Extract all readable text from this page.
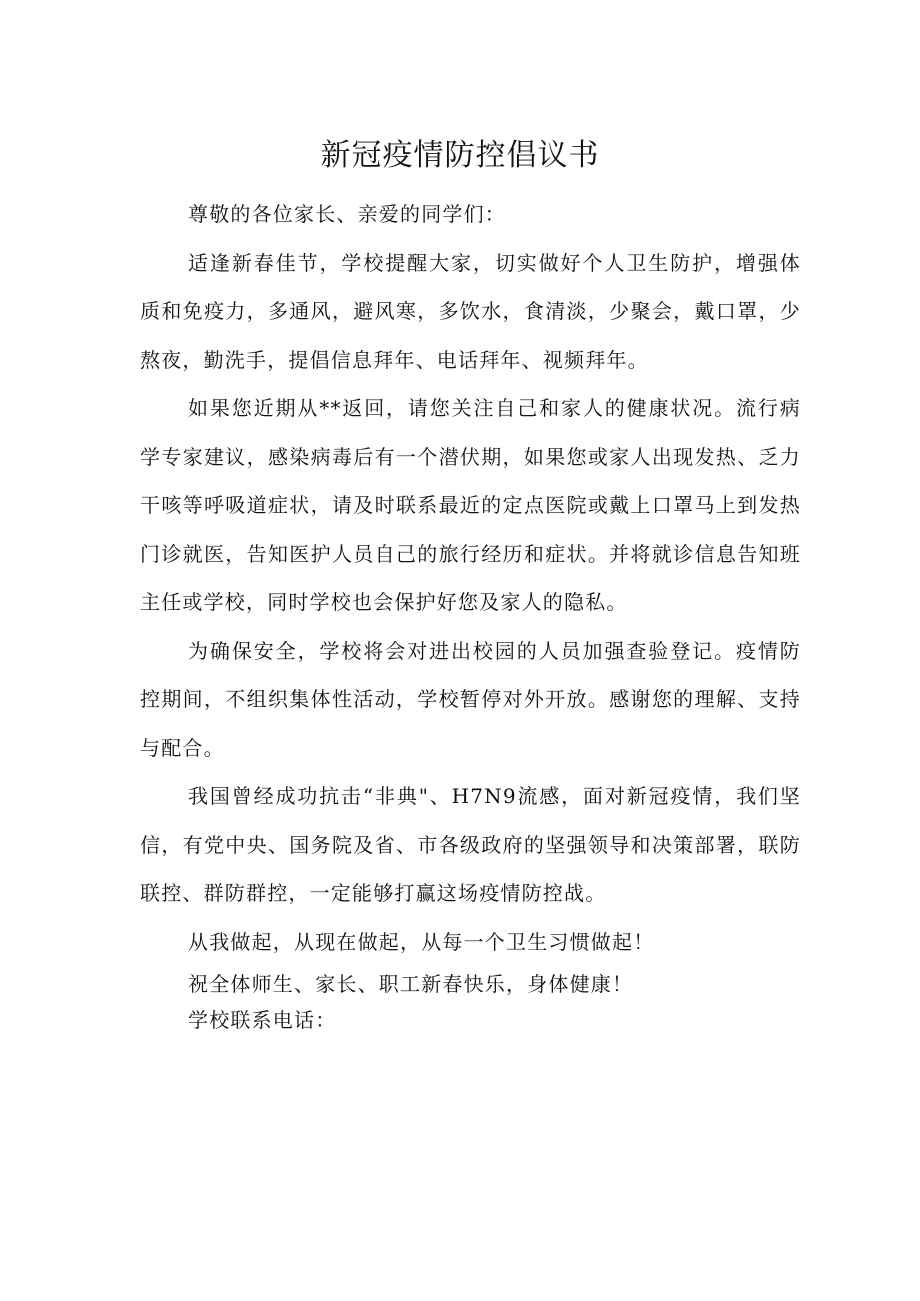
新冠疫情防控倡议书

尊敬的各位家长、亲爱的同学们：

适逢新春佳节，学校提醒大家，切实做好个人卫生防护，增强体质和免疫力，多通风，避风寒，多饮水，食清淡，少聚会，戴口罩，少熬夜，勤洗手，提倡信息拜年、电话拜年、视频拜年。

如果您近期从**返回，请您关注自己和家人的健康状况。流行病学专家建议，感染病毒后有一个潜伏期，如果您或家人出现发热、乏力干咳等呼吸道症状，请及时联系最近的定点医院或戴上口罩马上到发热门诊就医，告知医护人员自己的旅行经历和症状。并将就诊信息告知班主任或学校，同时学校也会保护好您及家人的隐私。

为确保安全，学校将会对进出校园的人员加强查验登记。疫情防控期间，不组织集体性活动，学校暂停对外开放。感谢您的理解、支持与配合。

我国曾经成功抗击“非典"、H7N9流感，面对新冠疫情，我们坚信，有党中央、国务院及省、市各级政府的坚强领导和决策部署，联防联控、群防群控，一定能够打赢这场疫情防控战。

从我做起，从现在做起，从每一个卫生习惯做起！

祝全体师生、家长、职工新春快乐，身体健康！

学校联系电话：
